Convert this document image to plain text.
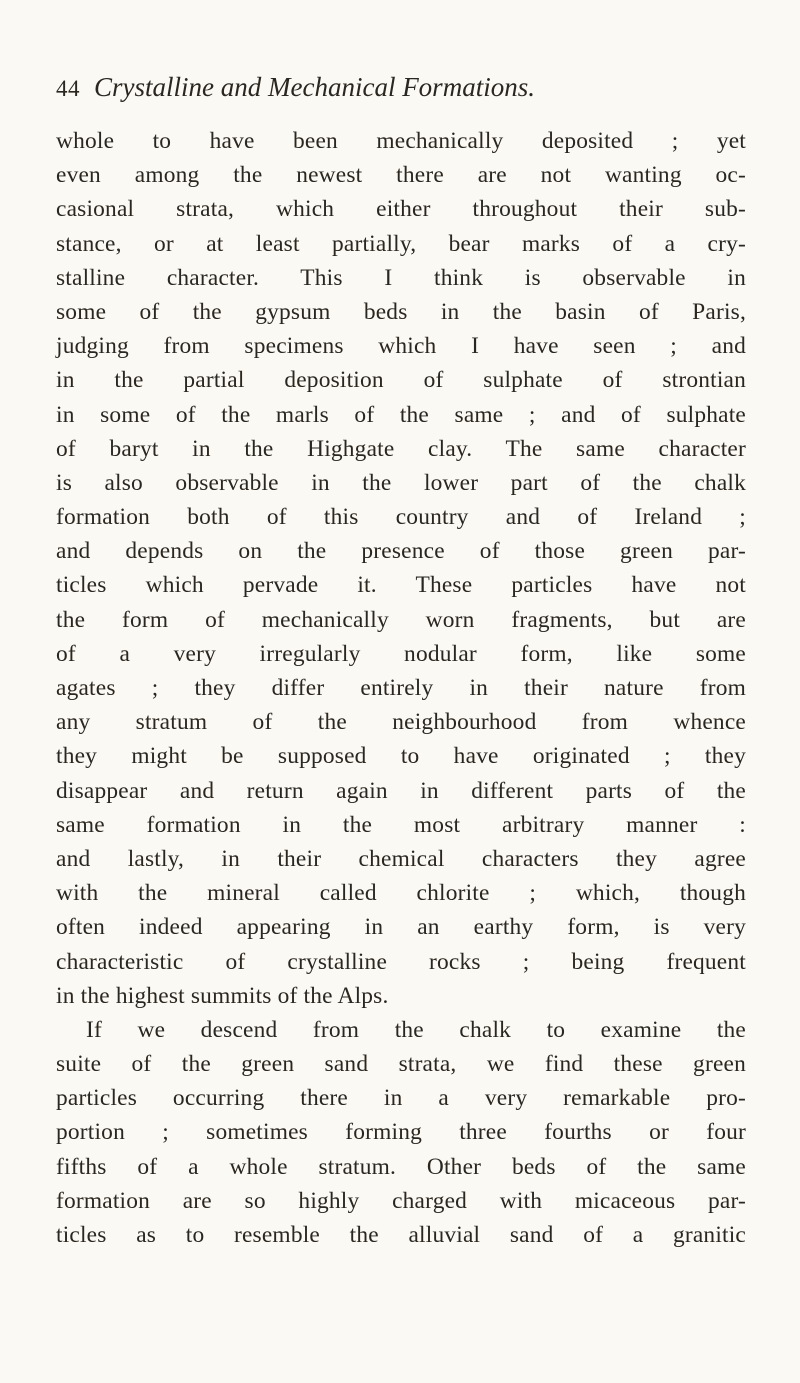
44 Crystalline and Mechanical Formations.
whole to have been mechanically deposited ; yet
even among the newest there are not wanting oc-
casional strata, which either throughout their sub-
stance, or at least partially, bear marks of a cry-
stalline character. This I think is observable in
some of the gypsum beds in the basin of Paris,
judging from specimens which I have seen ; and
in the partial deposition of sulphate of strontian
in some of the marls of the same ; and of sulphate
of baryt in the Highgate clay. The same character
is also observable in the lower part of the chalk
formation both of this country and of Ireland ;
and depends on the presence of those green par-
ticles which pervade it. These particles have not
the form of mechanically worn fragments, but are
of a very irregularly nodular form, like some
agates ; they differ entirely in their nature from
any stratum of the neighbourhood from whence
they might be supposed to have originated ; they
disappear and return again in different parts of the
same formation in the most arbitrary manner :
and lastly, in their chemical characters they agree
with the mineral called chlorite ; which, though
often indeed appearing in an earthy form, is very
characteristic of crystalline rocks ; being frequent
in the highest summits of the Alps.
If we descend from the chalk to examine the
suite of the green sand strata, we find these green
particles occurring there in a very remarkable pro-
portion ; sometimes forming three fourths or four
fifths of a whole stratum. Other beds of the same
formation are so highly charged with micaceous par-
ticles as to resemble the alluvial sand of a granitic
